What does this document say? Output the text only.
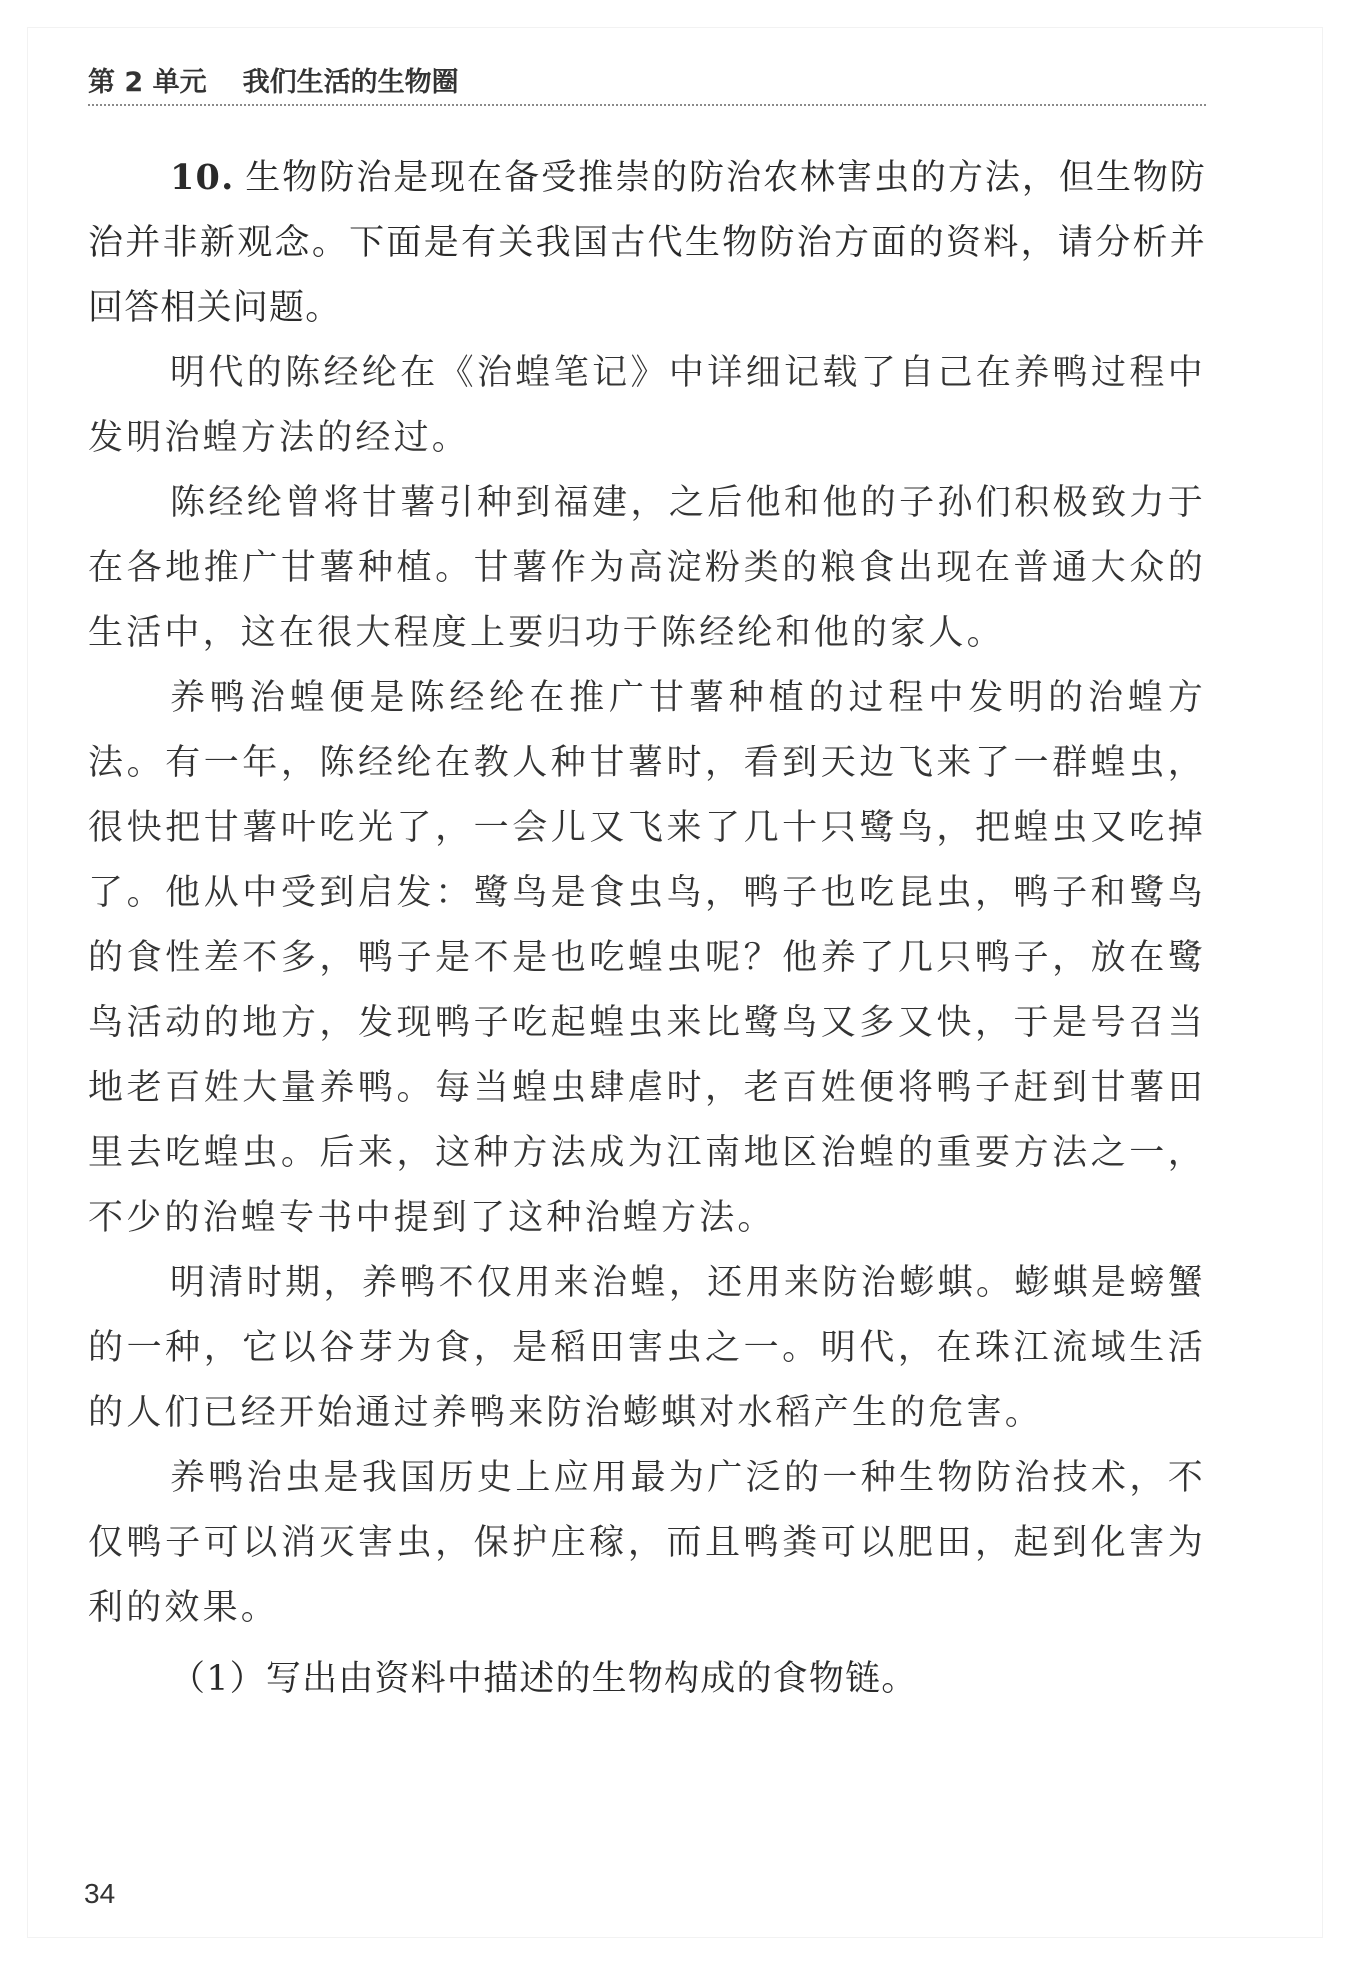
第 2 单元 我们生活的生物圈

10. 生物防治是现在备受推崇的防治农林害虫的方法，但生物防治并非新观念。下面是有关我国古代生物防治方面的资料，请分析并回答相关问题。

明代的陈经纶在《治蝗笔记》中详细记载了自己在养鸭过程中发明治蝗方法的经过。

陈经纶曾将甘薯引种到福建，之后他和他的子孙们积极致力于在各地推广甘薯种植。甘薯作为高淀粉类的粮食出现在普通大众的生活中，这在很大程度上要归功于陈经纶和他的家人。

养鸭治蝗便是陈经纶在推广甘薯种植的过程中发明的治蝗方法。有一年，陈经纶在教人种甘薯时，看到天边飞来了一群蝗虫，很快把甘薯叶吃光了，一会儿又飞来了几十只鹭鸟，把蝗虫又吃掉了。他从中受到启发：鹭鸟是食虫鸟，鸭子也吃昆虫，鸭子和鹭鸟的食性差不多，鸭子是不是也吃蝗虫呢？他养了几只鸭子，放在鹭鸟活动的地方，发现鸭子吃起蝗虫来比鹭鸟又多又快，于是号召当地老百姓大量养鸭。每当蝗虫肆虐时，老百姓便将鸭子赶到甘薯田里去吃蝗虫。后来，这种方法成为江南地区治蝗的重要方法之一，不少的治蝗专书中提到了这种治蝗方法。

明清时期，养鸭不仅用来治蝗，还用来防治蟛蜞。蟛蜞是螃蟹的一种，它以谷芽为食，是稻田害虫之一。明代，在珠江流域生活的人们已经开始通过养鸭来防治蟛蜞对水稻产生的危害。

养鸭治虫是我国历史上应用最为广泛的一种生物防治技术，不仅鸭子可以消灭害虫，保护庄稼，而且鸭粪可以肥田，起到化害为利的效果。

（1）写出由资料中描述的生物构成的食物链。

34
